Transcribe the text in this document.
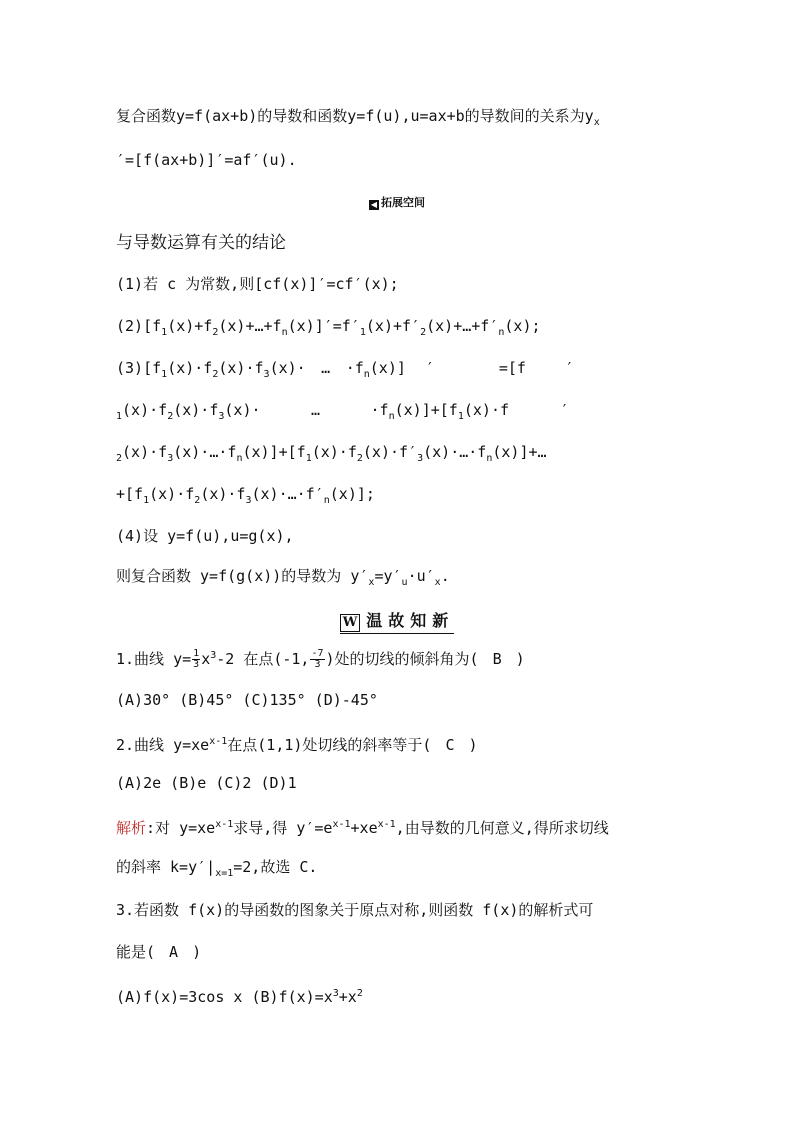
复合函数y=f(ax+b)的导数和函数y=f(u),u=ax+b的导数间的关系为$y_x$
′=[f(ax+b)]′=af′(u).
◀ 拓展空间
与导数运算有关的结论
(1)若 c 为常数,则[cf(x)]′=cf′(x);
$(2)[f_1(x)+f_2(x)+\dots+f_n(x)]'=f'_1(x)+f'_2(x)+\dots+f'_n(x)$;
$(3)[f_1(x)\cdot f_2(x)\cdot f_3(x)\cdot$ … $\cdot f_n(x)$] ′	=[f	′
$_1(x)\cdot f_2(x)\cdot f_3(x)\cdot$	…	$\cdot f_n(x)]+[f_1(x)\cdot f$	′
$_2(x)\cdot f_3(x)\cdot\dots\cdot f_n(x)]+[f_1(x)\cdot f_2(x)\cdot f'_3(x)\cdot\dots\cdot f_n(x)]+\dots$
$+[f_1(x)\cdot f_2(x)\cdot f_3(x)\cdot\dots\cdot f'_n(x)]$;
(4)设 y=f(u),u=g(x),
则复合函数 y=f(g(x))的导数为 $y'_x=y'_u\cdot u'_x$.
W 温故知新
1.曲线 $y= \frac{1}{3} x^3-2$ 在点(-1, $\frac{-7}{3}$ )处的切线的倾斜角为( B )
(A)30° (B)45° (C)135° (D)-45°
2.曲线 $y=xe^{x-1}$在点(1,1)处切线的斜率等于( C )
(A)2e (B)e (C)2 (D)1
解析:对 $y=xe^{x-1}$求导,得 $y'=e^{x-1}+xe^{x-1}$,由导数的几何意义,得所求切线
的斜率 $k=y'|_{x=1}=2$,故选 C.
3.若函数 f(x)的导函数的图象关于原点对称,则函数 f(x)的解析式可
能是( A )
(A)f(x)=3cos x $(B)f(x)=x^3+x^2$
